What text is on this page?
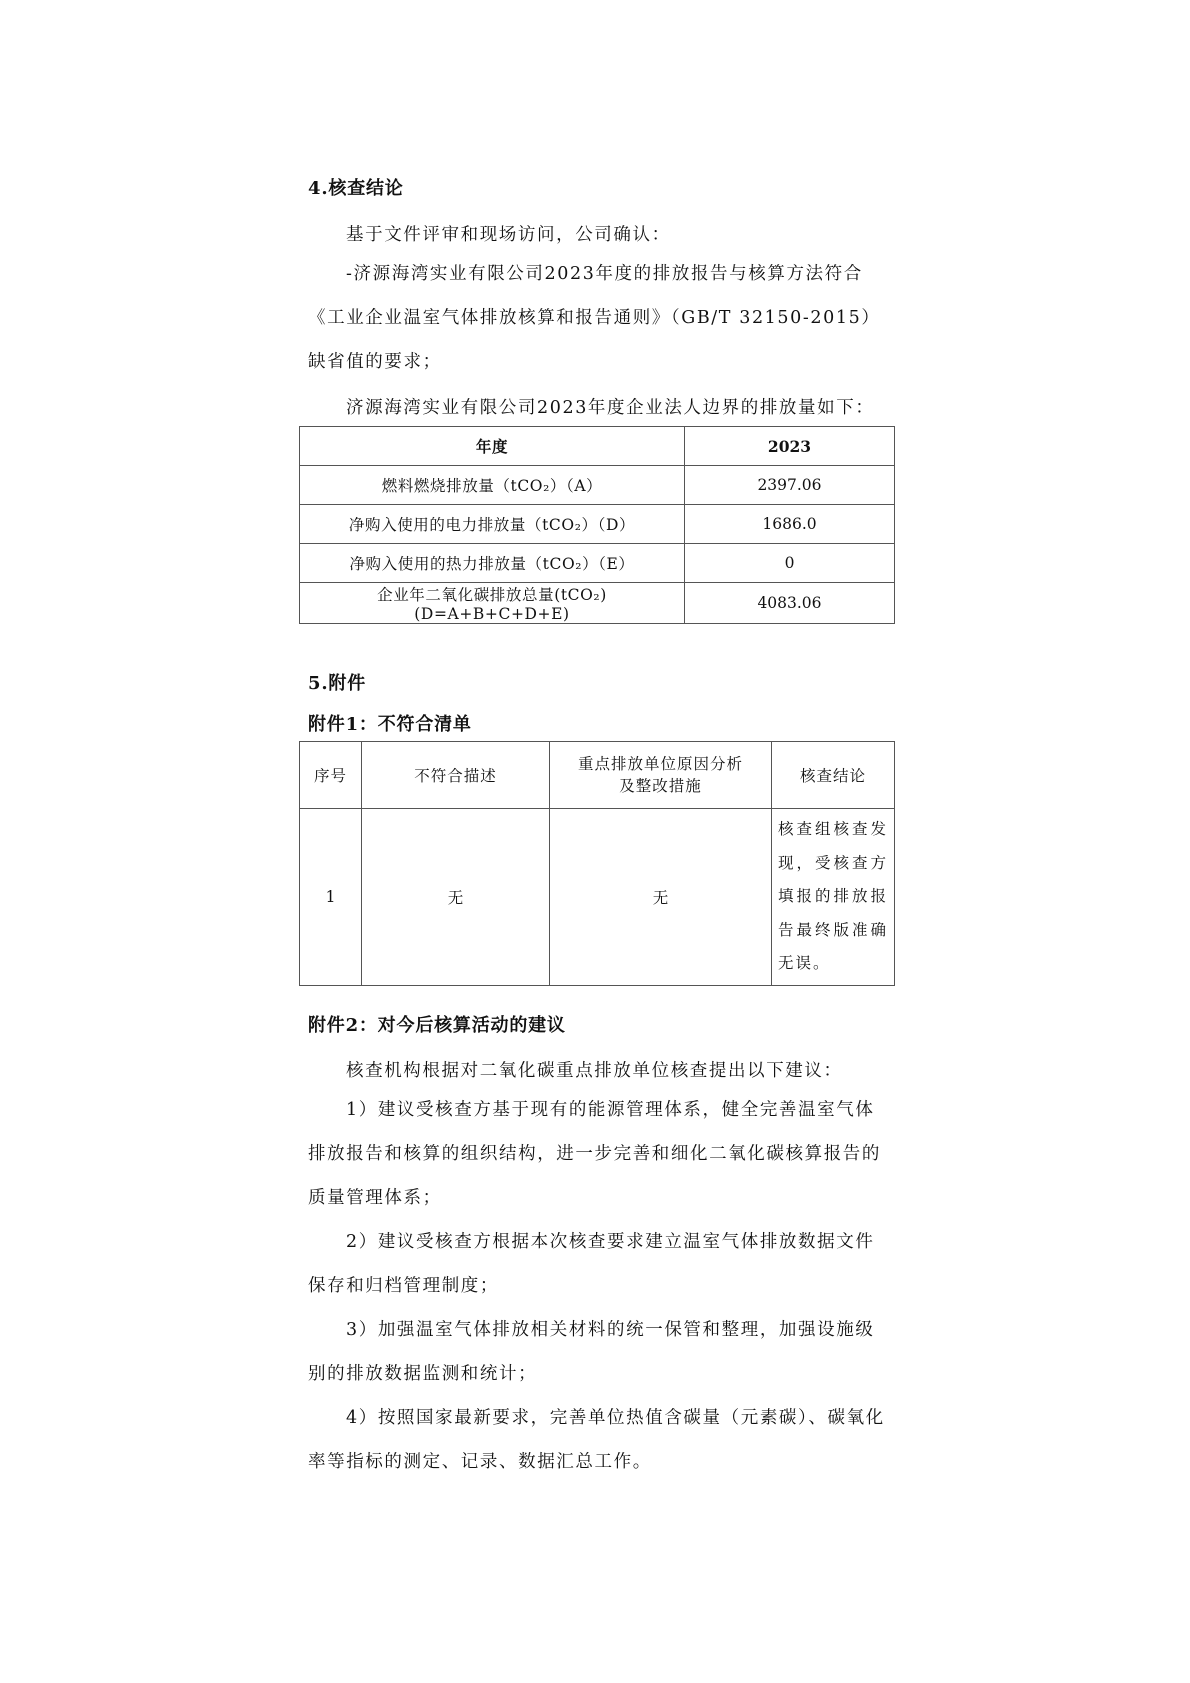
4.核查结论
基于文件评审和现场访问，公司确认：

-济源海湾实业有限公司2023年度的排放报告与核算方法符合《工业企业温室气体排放核算和报告通则》（GB/T 32150-2015）缺省值的要求；

济源海湾实业有限公司2023年度企业法人边界的排放量如下：
年度	2023
燃料燃烧排放量（tCO₂）（A）	2397.06
净购入使用的电力排放量（tCO₂）（D）	1686.0
净购入使用的热力排放量（tCO₂）（E）	0
企业年二氧化碳排放总量(tCO₂)(D=A+B+C+D+E)	4083.06
5.附件
附件1：不符合清单
序号	不符合描述	重点排放单位原因分析及整改措施	核查结论
1	无	无	核查组核查发现，受核查方填报的排放报告最终版准确无误。
附件2：对今后核算活动的建议
核查机构根据对二氧化碳重点排放单位核查提出以下建议：

1）建议受核查方基于现有的能源管理体系，健全完善温室气体排放报告和核算的组织结构，进一步完善和细化二氧化碳核算报告的质量管理体系；

2）建议受核查方根据本次核查要求建立温室气体排放数据文件保存和归档管理制度；

3）加强温室气体排放相关材料的统一保管和整理，加强设施级别的排放数据监测和统计；

4）按照国家最新要求，完善单位热值含碳量（元素碳）、碳氧化率等指标的测定、记录、数据汇总工作。
